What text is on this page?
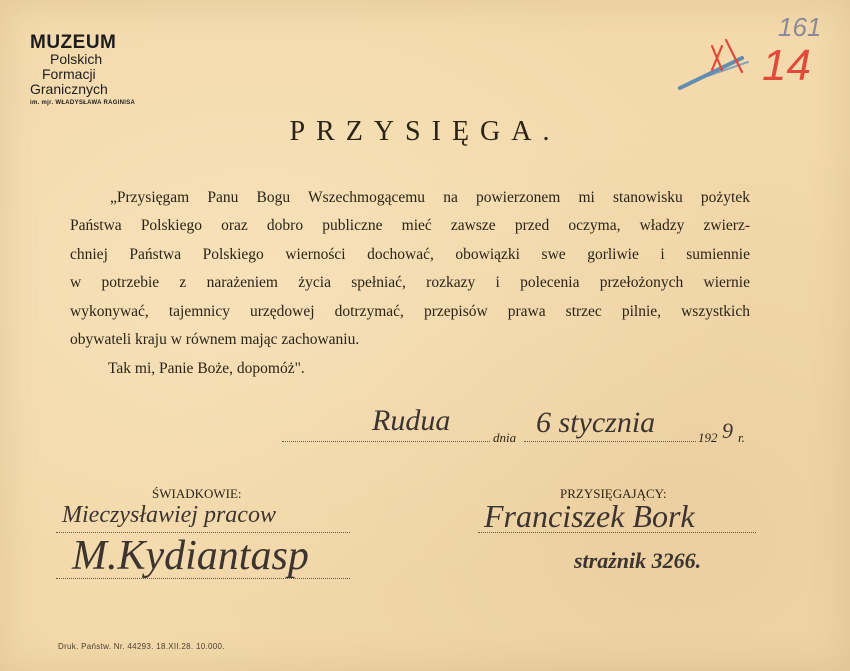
MUZEUM
Polskich
Formacji
Granicznych
im. mjr. WŁADYSŁAWA RAGINISA
161
14
PRZYSIĘGA.
„Przysięgam Panu Bogu Wszechmogącemu na powierzonem mi stanowisku pożytek
Państwa Polskiego oraz dobro publiczne mieć zawsze przed oczyma, władzy zwierz-
chniej Państwa Polskiego wierności dochować, obowiązki swe gorliwie i sumiennie
w potrzebie z narażeniem życia spełniać, rozkazy i polecenia przełożonych wiernie
wykonywać, tajemnicy urzędowej dotrzymać, przepisów prawa strzec pilnie, wszystkich
obywateli kraju w równem mając zachowaniu.
Tak mi, Panie Boże, dopomóż".
Rudua
dnia 6 stycznia	192 9 r.
ŚWIADKOWIE:
Mieczysławiej pracow
M.Kydiantasp
PRZYSIĘGAJĄCY:
Franciszek Bork
strażnik 3266.
Druk. Państw. Nr. 44293. 18.XII.28. 10.000.
